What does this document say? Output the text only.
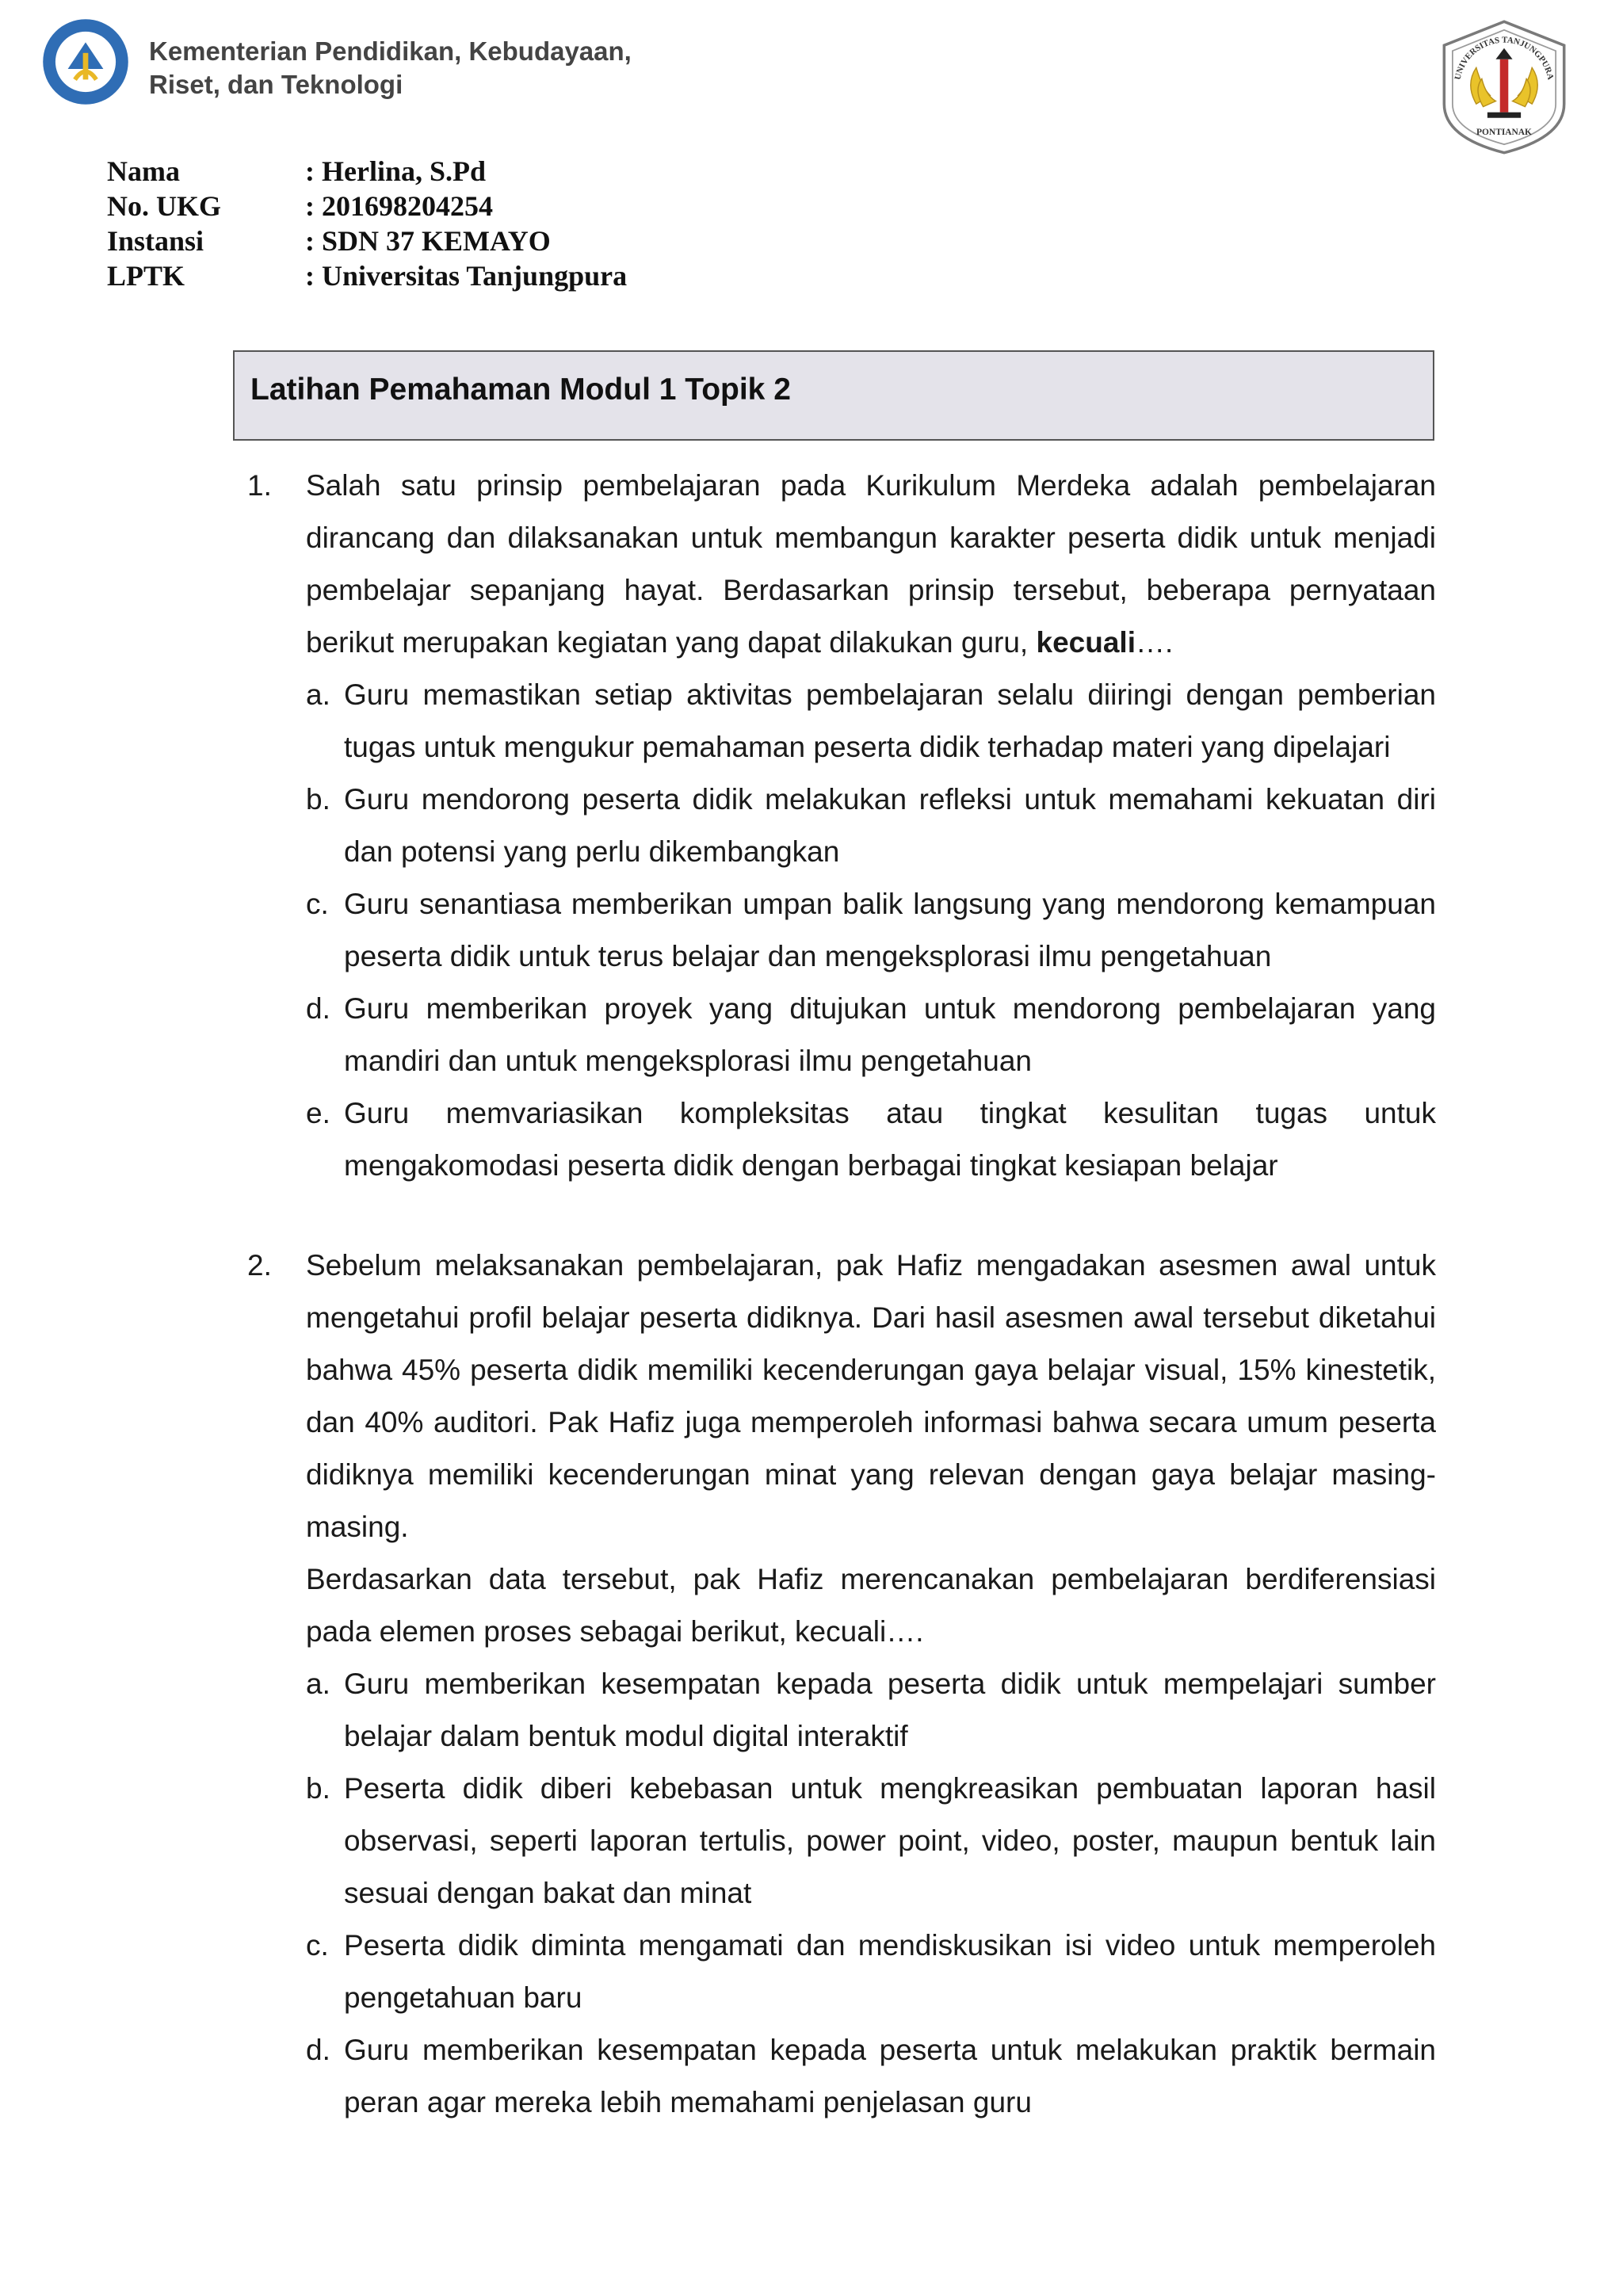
Kementerian Pendidikan, Kebudayaan,
Riset, dan Teknologi	UNIVERSITAS TANJUNGPURA
PONTIANAK
Nama	: Herlina, S.Pd
No. UKG	: 201698204254
Instansi	: SDN 37 KEMAYO
LPTK	: Universitas Tanjungpura
Latihan Pemahaman Modul 1 Topik 2
1. Salah satu prinsip pembelajaran pada Kurikulum Merdeka adalah pembelajaran dirancang dan dilaksanakan untuk membangun karakter peserta didik untuk menjadi pembelajar sepanjang hayat. Berdasarkan prinsip tersebut, beberapa pernyataan berikut merupakan kegiatan yang dapat dilakukan guru, kecuali….
a. Guru memastikan setiap aktivitas pembelajaran selalu diiringi dengan pemberian tugas untuk mengukur pemahaman peserta didik terhadap materi yang dipelajari
b. Guru mendorong peserta didik melakukan refleksi untuk memahami kekuatan diri dan potensi yang perlu dikembangkan
c. Guru senantiasa memberikan umpan balik langsung yang mendorong kemampuan peserta didik untuk terus belajar dan mengeksplorasi ilmu pengetahuan
d. Guru memberikan proyek yang ditujukan untuk mendorong pembelajaran yang mandiri dan untuk mengeksplorasi ilmu pengetahuan
e. Guru memvariasikan kompleksitas atau tingkat kesulitan tugas untuk mengakomodasi peserta didik dengan berbagai tingkat kesiapan belajar
2. Sebelum melaksanakan pembelajaran, pak Hafiz mengadakan asesmen awal untuk mengetahui profil belajar peserta didiknya. Dari hasil asesmen awal tersebut diketahui bahwa 45% peserta didik memiliki kecenderungan gaya belajar visual, 15% kinestetik, dan 40% auditori. Pak Hafiz juga memperoleh informasi bahwa secara umum peserta didiknya memiliki kecenderungan minat yang relevan dengan gaya belajar masing-masing.

Berdasarkan data tersebut, pak Hafiz merencanakan pembelajaran berdiferensiasi pada elemen proses sebagai berikut, kecuali….

a. Guru memberikan kesempatan kepada peserta didik untuk mempelajari sumber belajar dalam bentuk modul digital interaktif
b. Peserta didik diberi kebebasan untuk mengkreasikan pembuatan laporan hasil observasi, seperti laporan tertulis, power point, video, poster, maupun bentuk lain sesuai dengan bakat dan minat
c. Peserta didik diminta mengamati dan mendiskusikan isi video untuk memperoleh pengetahuan baru
d. Guru memberikan kesempatan kepada peserta untuk melakukan praktik bermain peran agar mereka lebih memahami penjelasan guru
